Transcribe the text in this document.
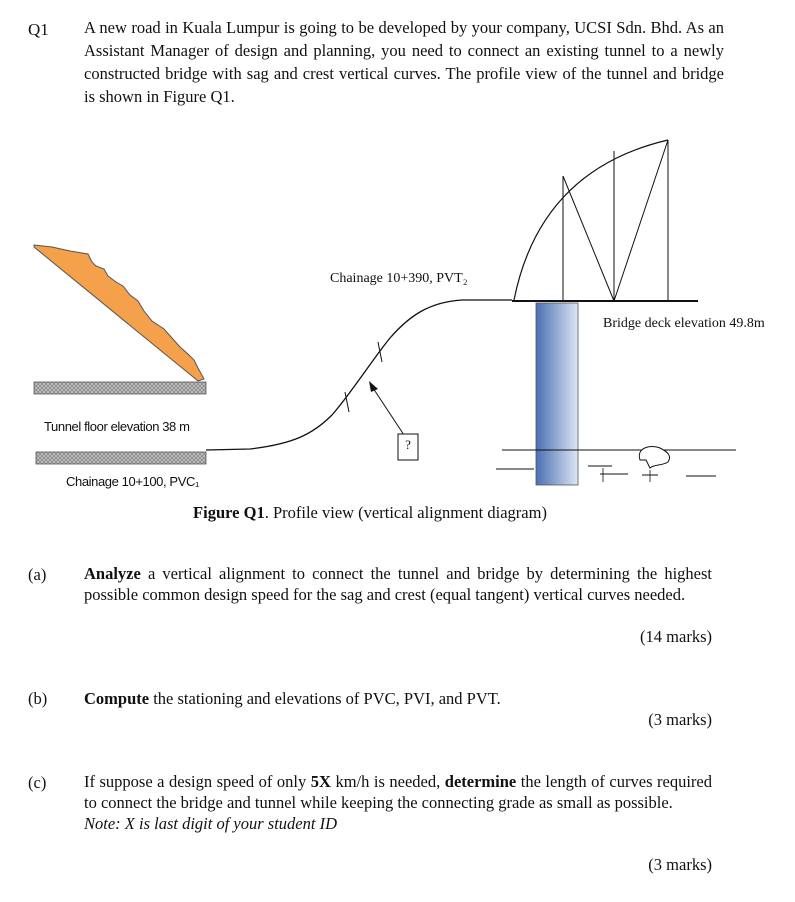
Q1 A new road in Kuala Lumpur is going to be developed by your company, UCSI Sdn. Bhd. As an Assistant Manager of design and planning, you need to connect an existing tunnel to a newly constructed bridge with sag and crest vertical curves. The profile view of the tunnel and bridge is shown in Figure Q1.
Chainage 10+390, PVT₂
Bridge deck elevation 49.8m
Tunnel floor elevation 38 m
Chainage 10+100, PVC₁
?
Figure Q1. Profile view (vertical alignment diagram)
(a) Analyze a vertical alignment to connect the tunnel and bridge by determining the highest possible common design speed for the sag and crest (equal tangent) vertical curves needed.
(14 marks)
(b) Compute the stationing and elevations of PVC, PVI, and PVT.
(3 marks)
(c) If suppose a design speed of only 5X km/h is needed, determine the length of curves required to connect the bridge and tunnel while keeping the connecting grade as small as possible.
Note: X is last digit of your student ID
(3 marks)
